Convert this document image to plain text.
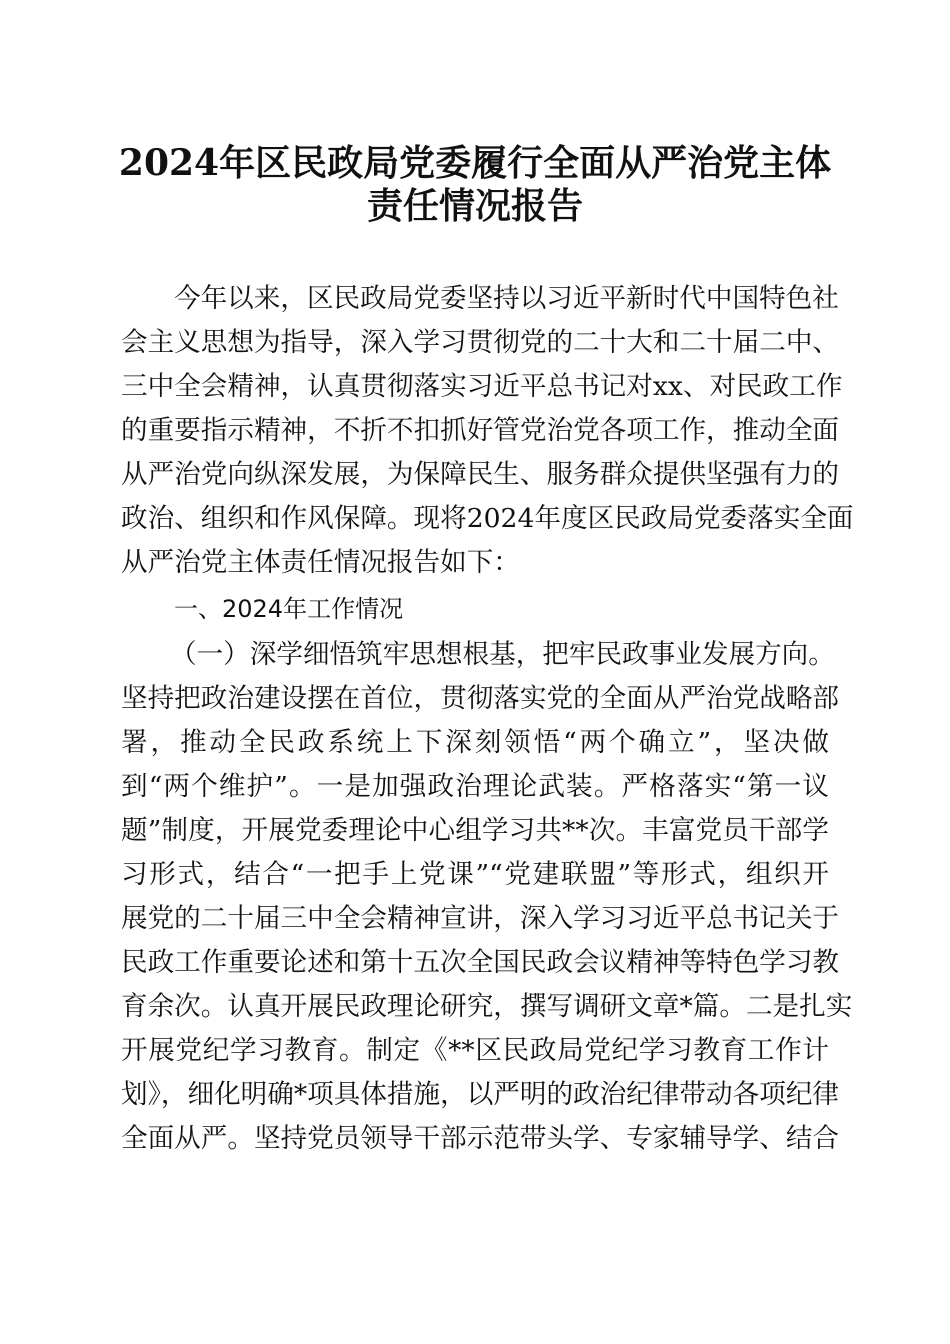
2024年区民政局党委履行全面从严治党主体
责任情况报告
今年以来，区民政局党委坚持以习近平新时代中国特色社
会主义思想为指导，深入学习贯彻党的二十大和二十届二中、
三中全会精神，认真贯彻落实习近平总书记对xx、对民政工作
的重要指示精神，不折不扣抓好管党治党各项工作，推动全面
从严治党向纵深发展，为保障民生、服务群众提供坚强有力的
政治、组织和作风保障。现将2024年度区民政局党委落实全面
从严治党主体责任情况报告如下：
一、2024年工作情况
（一）深学细悟筑牢思想根基，把牢民政事业发展方向。
坚持把政治建设摆在首位，贯彻落实党的全面从严治党战略部
署，推动全民政系统上下深刻领悟“两个确立”，坚决做
到“两个维护”。一是加强政治理论武装。严格落实“第一议
题”制度，开展党委理论中心组学习共**次。丰富党员干部学
习形式，结合“一把手上党课”“党建联盟”等形式，组织开
展党的二十届三中全会精神宣讲，深入学习习近平总书记关于
民政工作重要论述和第十五次全国民政会议精神等特色学习教
育余次。认真开展民政理论研究，撰写调研文章*篇。二是扎实
开展党纪学习教育。制定《**区民政局党纪学习教育工作计
划》，细化明确*项具体措施，以严明的政治纪律带动各项纪律
全面从严。坚持党员领导干部示范带头学、专家辅导学、结合
